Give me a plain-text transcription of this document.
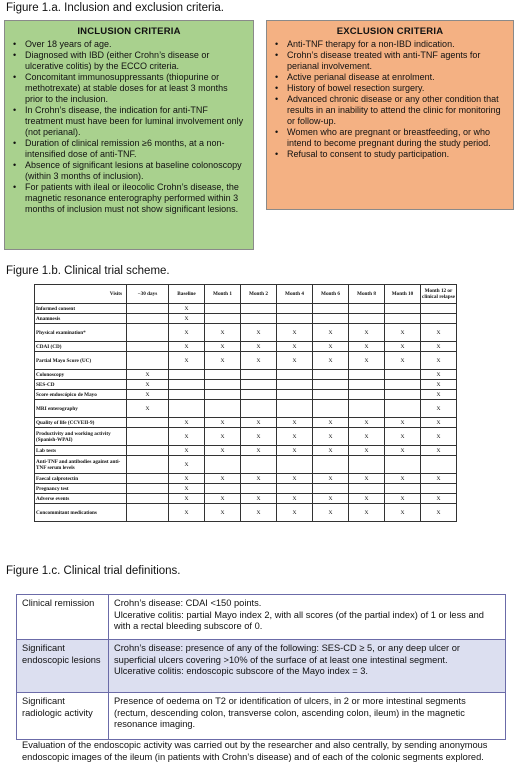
Figure 1.a. Inclusion and exclusion criteria.
INCLUSION CRITERIA
• Over 18 years of age.
• Diagnosed with IBD (either Crohn’s disease or ulcerative colitis) by the ECCO criteria.
• Concomitant immunosuppressants (thiopurine or methotrexate) at stable doses for at least 3 months prior to the inclusion.
• In Crohn’s disease, the indication for anti-TNF treatment must have been for luminal involvement only (not perianal).
• Duration of clinical remission ≥6 months, at a non-intensified dose of anti-TNF.
• Absence of significant lesions at baseline colonoscopy (within 3 months of inclusion).
• For patients with ileal or ileocolic Crohn’s disease, the magnetic resonance enterography performed within 3 months of inclusion must not show significant lesions.
EXCLUSION CRITERIA
• Anti-TNF therapy for a non-IBD indication.
• Crohn’s disease treated with anti-TNF agents for perianal involvement.
• Active perianal disease at enrolment.
• History of bowel resection surgery.
• Advanced chronic disease or any other condition that results in an inability to attend the clinic for monitoring or follow-up.
• Women who are pregnant or breastfeeding, or who intend to become pregnant during the study period.
• Refusal to consent to study participation.
Figure 1.b. Clinical trial scheme.
Visits	−30 days	Baseline	Month 1	Month 2	Month 4	Month 6	Month 8	Month 10	Month 12 or clinical relapse
Informed consent		X							
Anamnesis		X							
Physical examination*		X	X	X	X	X	X	X	X
CDAI (CD)		X	X	X	X	X	X	X	X
Partial Mayo Score (UC)		X	X	X	X	X	X	X	X
Colonoscopy	X								X
SES-CD	X								X
Score endoscópico de Mayo	X								X
MRI enterography	X								X
Quality of life (CCVEII-9)		X	X	X	X	X	X	X	X
Productivity and working activity (Spanish-WPAI)		X	X	X	X	X	X	X	X
Lab tests		X	X	X	X	X	X	X	X
Anti-TNF and antibodies against anti-TNF serum levels		X							
Faecal calprotectin		X	X	X	X	X	X	X	X
Pregnancy test		X							
Adverse events		X	X	X	X	X	X	X	X
Concommitant medications		X	X	X	X	X	X	X	X
Figure 1.c. Clinical trial definitions.
Clinical remission	Crohn’s disease: CDAI <150 points.
Ulcerative colitis: partial Mayo index 2, with all scores (of the partial index) of 1 or less and with a rectal bleeding subscore of 0.

Significant endoscopic lesions	Crohn’s disease: presence of any of the following: SES-CD ≥ 5, or any deep ulcer or superficial ulcers covering >10% of the surface of at least one intestinal segment.
Ulcerative colitis: endoscopic subscore of the Mayo index = 3.

Significant radiologic activity	Presence of oedema on T2 or identification of ulcers, in 2 or more intestinal segments (rectum, descending colon, transverse colon, ascending colon, ileum) in the magnetic resonance imaging.
Evaluation of the endoscopic activity was carried out by the researcher and also centrally, by sending anonymous endoscopic images of the ileum (in patients with Crohn’s disease) and of each of the colonic segments explored.
